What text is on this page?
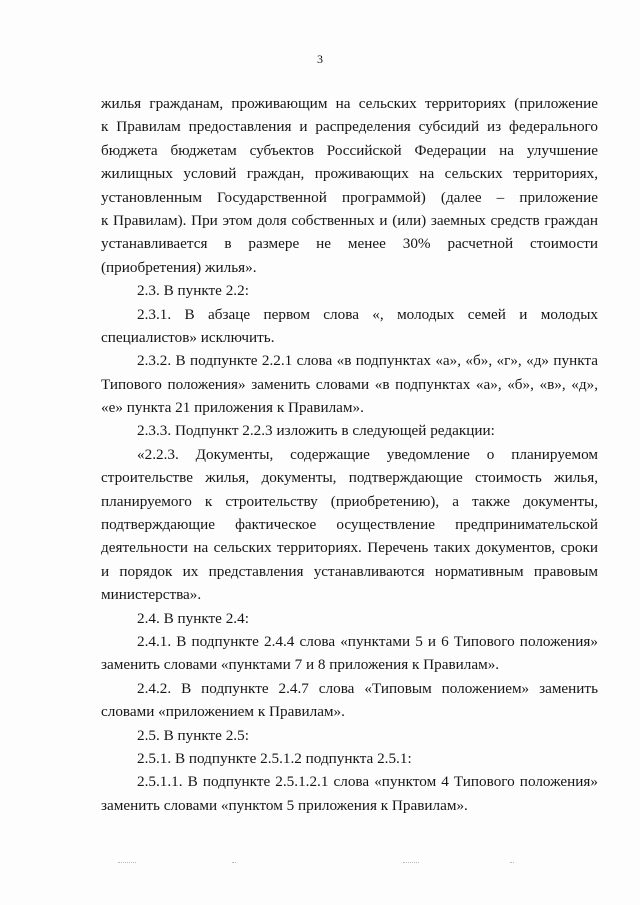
3
жилья гражданам, проживающим на сельских территориях (приложение
к Правилам предоставления и распределения субсидий из федерального
бюджета бюджетам субъектов Российской Федерации на улучшение
жилищных условий граждан, проживающих на сельских территориях,
установленным Государственной программой) (далее – приложение
к Правилам). При этом доля собственных и (или) заемных средств граждан
устанавливается в размере не менее 30% расчетной стоимости
(приобретения) жилья».
2.3. В пункте 2.2:
2.3.1. В абзаце первом слова «, молодых семей и молодых
специалистов» исключить.
2.3.2. В подпункте 2.2.1 слова «в подпунктах «а», «б», «г», «д» пункта
Типового положения» заменить словами «в подпунктах «а», «б», «в», «д»,
«е» пункта 21 приложения к Правилам».
2.3.3. Подпункт 2.2.3 изложить в следующей редакции:
«2.2.3. Документы, содержащие уведомление о планируемом
строительстве жилья, документы, подтверждающие стоимость жилья,
планируемого к строительству (приобретению), а также документы,
подтверждающие фактическое осуществление предпринимательской
деятельности на сельских территориях. Перечень таких документов, сроки
и порядок их представления устанавливаются нормативным правовым
министерства».
2.4. В пункте 2.4:
2.4.1. В подпункте 2.4.4 слова «пунктами 5 и 6 Типового положения»
заменить словами «пунктами 7 и 8 приложения к Правилам».
2.4.2. В подпункте 2.4.7 слова «Типовым положением» заменить
словами «приложением к Правилам».
2.5. В пункте 2.5:
2.5.1. В подпункте 2.5.1.2 подпункта 2.5.1:
2.5.1.1. В подпункте 2.5.1.2.1 слова «пунктом 4 Типового положения»
заменить словами «пунктом 5 приложения к Правилам».
